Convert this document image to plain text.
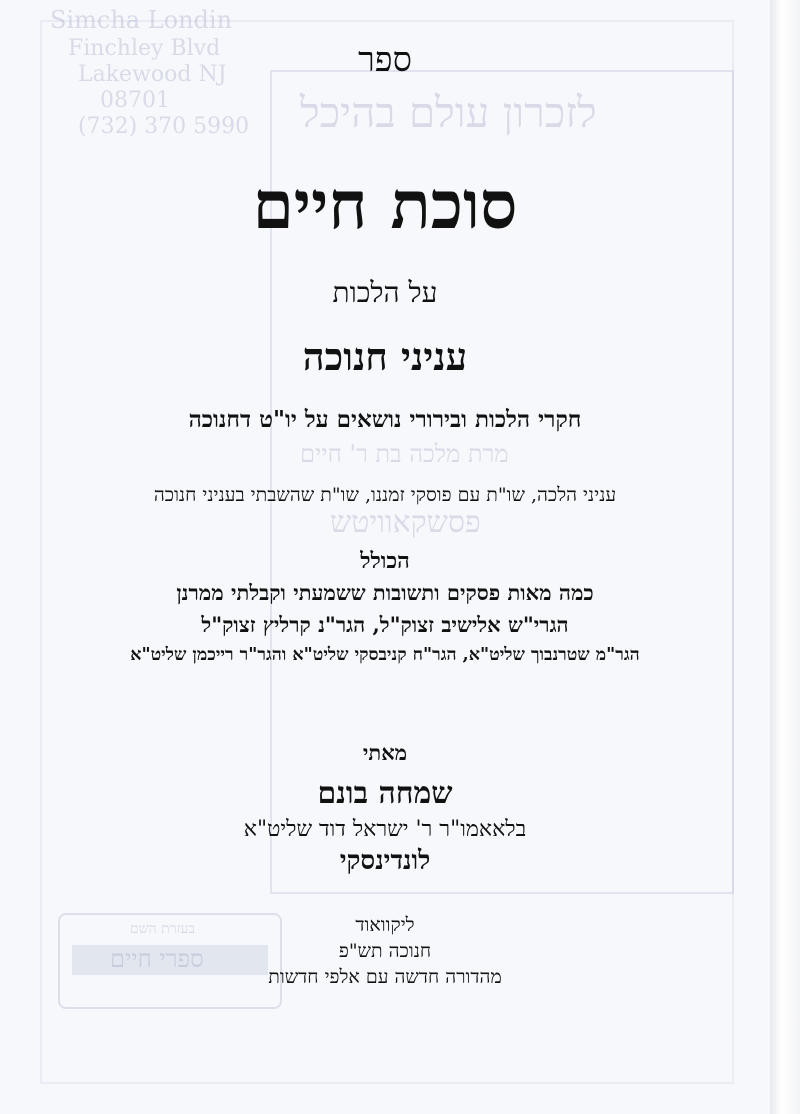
Simcha Londin
Finchley Blvd
Lakewood NJ
08701
(732) 370 5990 לזכרון עולם בהיכל
מרת מלכה בת ר' חיים
פסשקאוויטש
בעזרת השם
ספרי חיים
ספר
סוכת חיים
על הלכות
עניני חנוכה
חקרי הלכות ובירורי נושאים על יו"ט דחנוכה
עניני הלכה, שו"ת עם פוסקי זמננו, שו"ת שהשבתי בעניני חנוכה
הכולל
כמה מאות פסקים ותשובות ששמעתי וקבלתי ממרנן
הגרי"ש אלישיב זצוק"ל, הגר"נ קרליץ זצוק"ל
הגר"מ שטרנבוך שליט"א, הגר"ח קניבסקי שליט"א והגר"ר רייכמן שליט"א
מאתי
שמחה בונם
בלאאמו"ר ר' ישראל דוד שליט"א
לונדינסקי
ליקוואוד
חנוכה תש"פ
מהדורה חדשה עם אלפי חדשות
